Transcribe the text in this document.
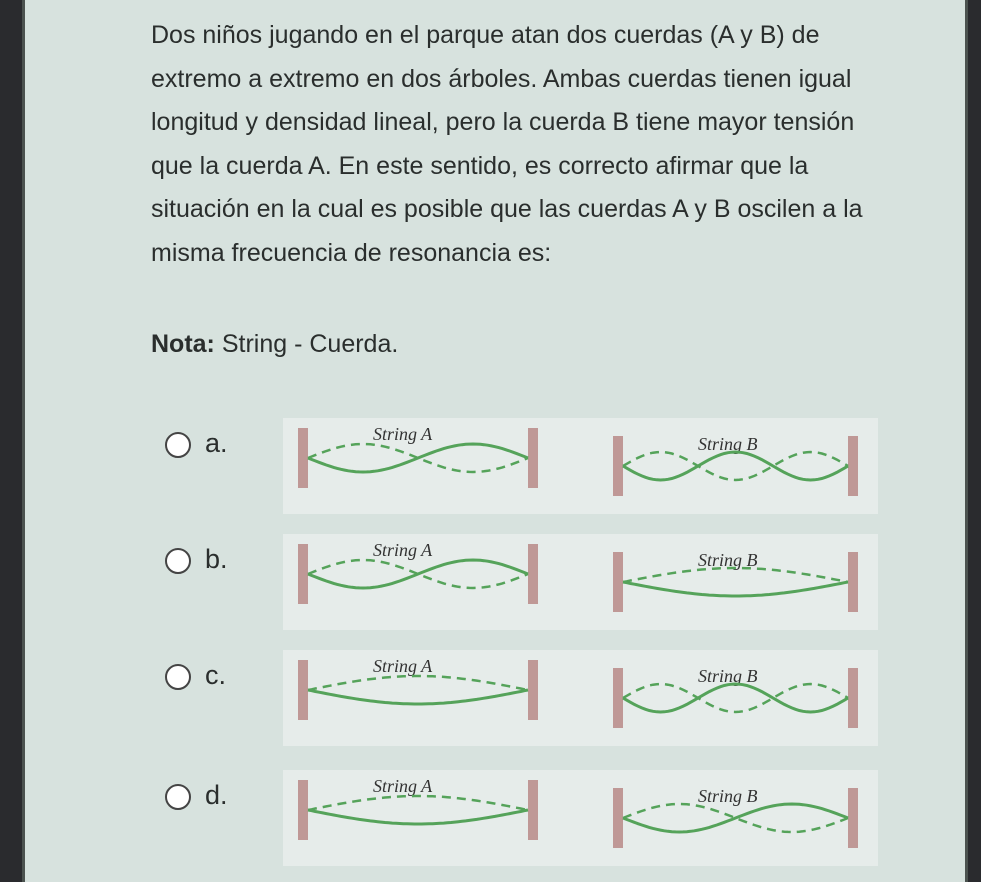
Dos niños jugando en el parque atan dos cuerdas (A y B) de extremo a extremo en dos árboles. Ambas cuerdas tienen igual longitud y densidad lineal, pero la cuerda B tiene mayor tensión que la cuerda A. En este sentido, es correcto afirmar que la situación en la cual es posible que las cuerdas A y B oscilen a la misma frecuencia de resonancia es:
Nota: String - Cuerda.
a.	String A	String B
b.	String A	String B
c.	String A	String B
d.	String A	String B
